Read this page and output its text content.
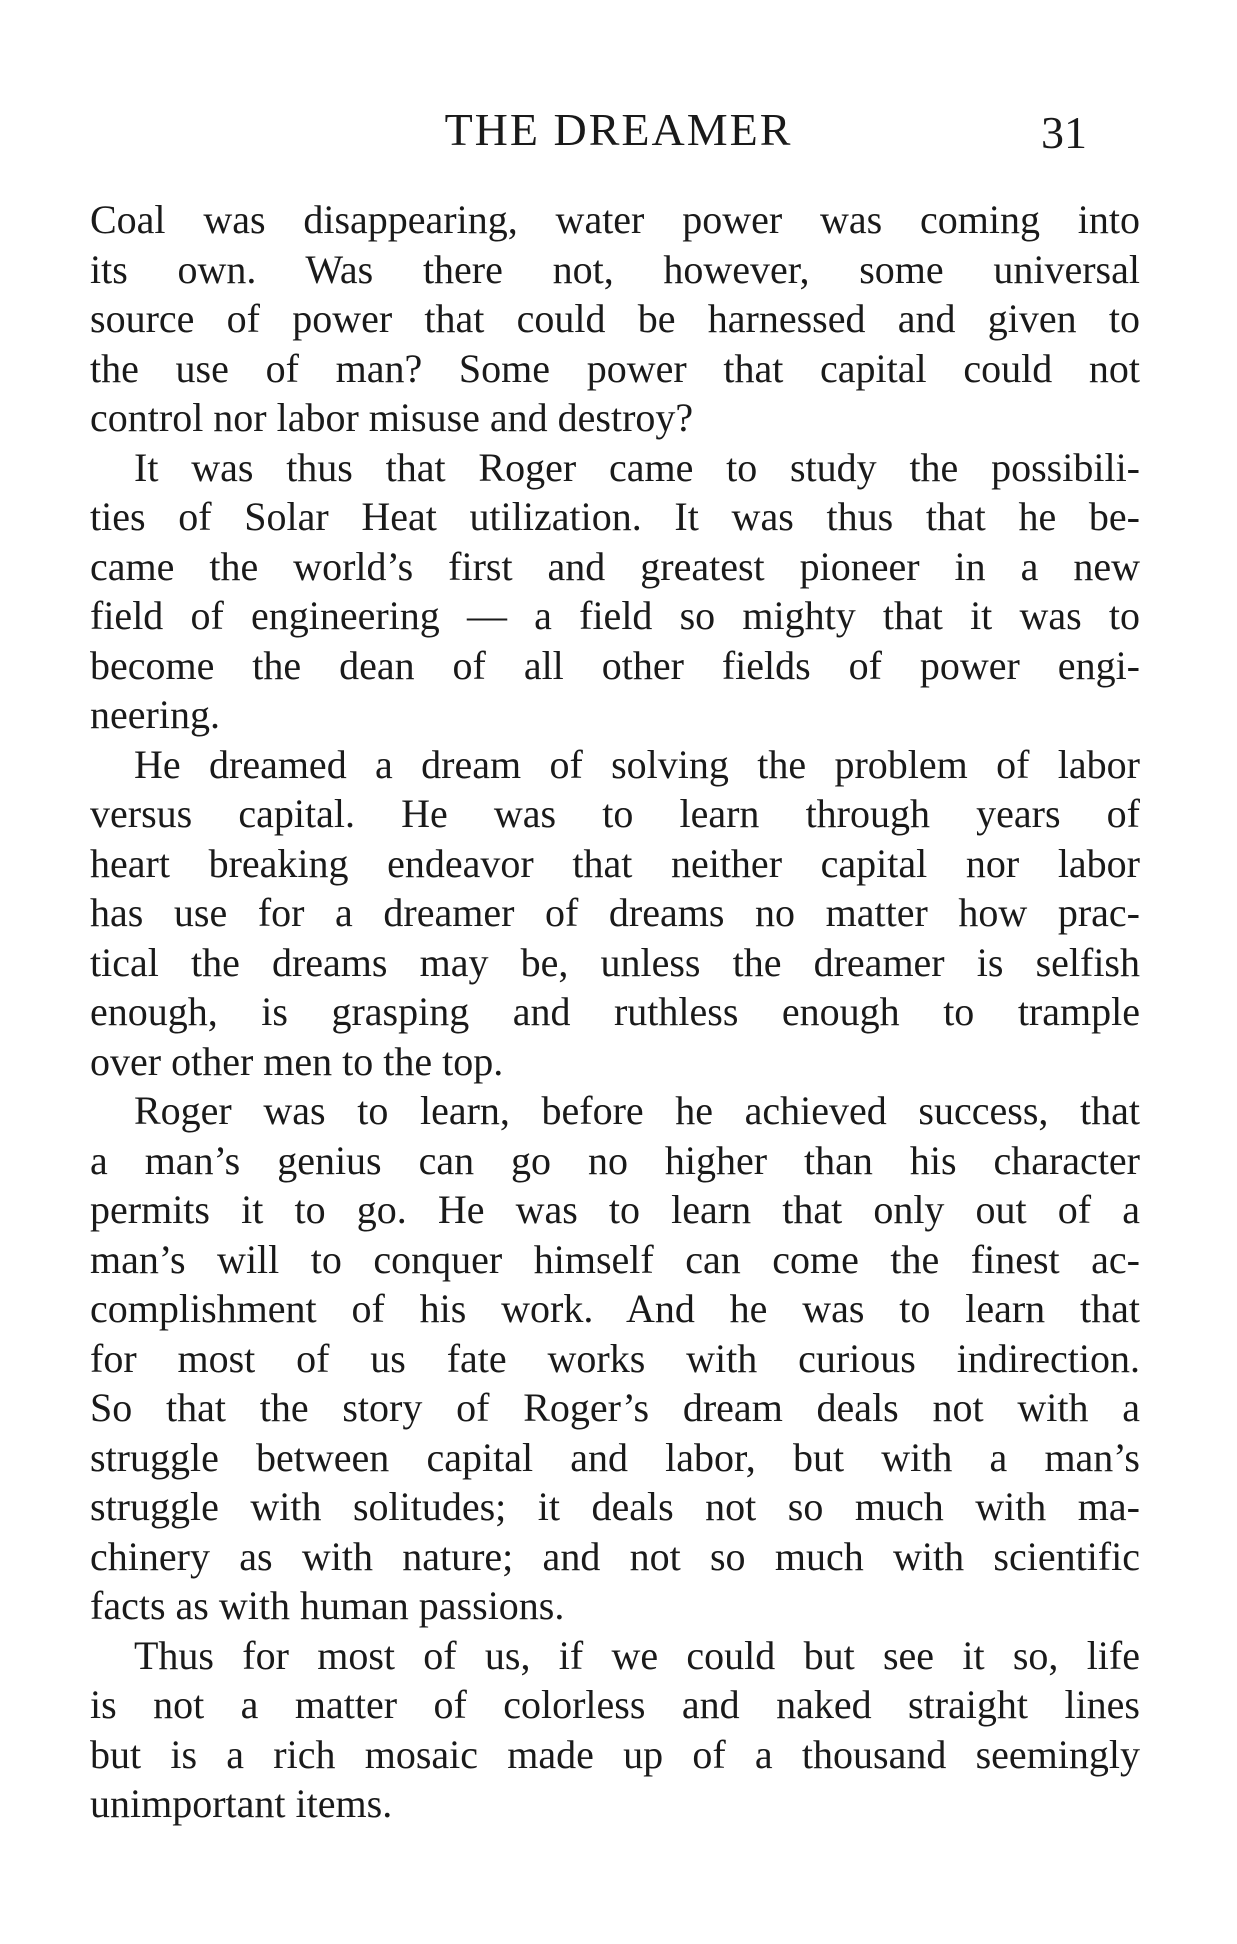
THE DREAMER	31
Coal was disappearing, water power was coming into
its own. Was there not, however, some universal
source of power that could be harnessed and given to
the use of man? Some power that capital could not
control nor labor misuse and destroy?
It was thus that Roger came to study the possibili-
ties of Solar Heat utilization. It was thus that he be-
came the world’s first and greatest pioneer in a new
field of engineering — a field so mighty that it was to
become the dean of all other fields of power engi-
neering.
He dreamed a dream of solving the problem of labor
versus capital. He was to learn through years of
heart breaking endeavor that neither capital nor labor
has use for a dreamer of dreams no matter how prac-
tical the dreams may be, unless the dreamer is selfish
enough, is grasping and ruthless enough to trample
over other men to the top.
Roger was to learn, before he achieved success, that
a man’s genius can go no higher than his character
permits it to go. He was to learn that only out of a
man’s will to conquer himself can come the finest ac-
complishment of his work. And he was to learn that
for most of us fate works with curious indirection.
So that the story of Roger’s dream deals not with a
struggle between capital and labor, but with a man’s
struggle with solitudes; it deals not so much with ma-
chinery as with nature; and not so much with scientific
facts as with human passions.
Thus for most of us, if we could but see it so, life
is not a matter of colorless and naked straight lines
but is a rich mosaic made up of a thousand seemingly
unimportant items.
